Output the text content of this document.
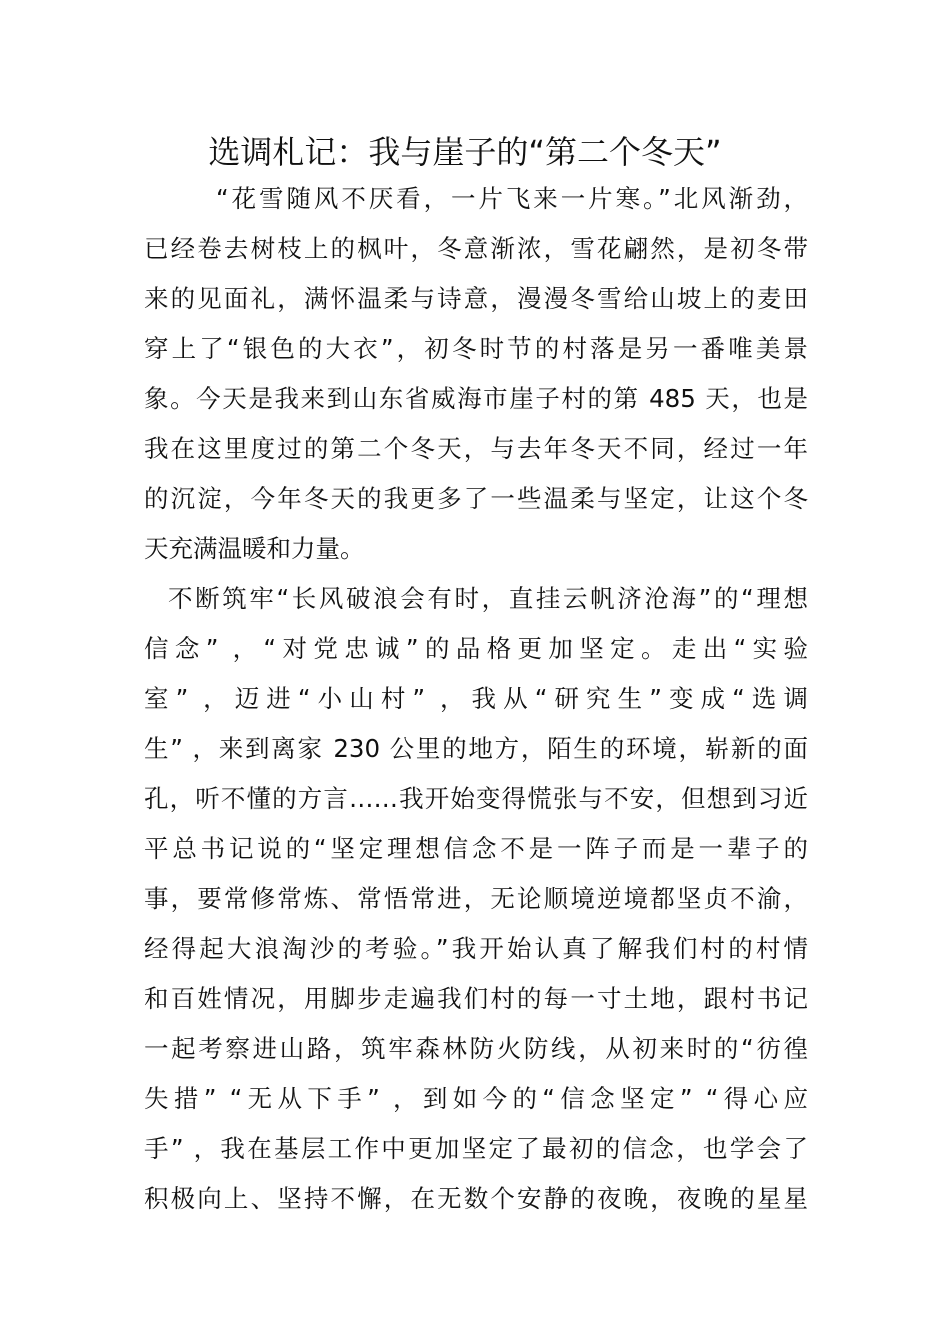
选调札记：我与崖子的“第二个冬天”
“花雪随风不厌看，一片飞来一片寒。”北风渐劲，
已经卷去树枝上的枫叶，冬意渐浓，雪花翩然，是初冬带
来的见面礼，满怀温柔与诗意，漫漫冬雪给山坡上的麦田
穿上了“银色的大衣”，初冬时节的村落是另一番唯美景
象。今天是我来到山东省威海市崖子村的第 485 天，也是
我在这里度过的第二个冬天，与去年冬天不同，经过一年
的沉淀，今年冬天的我更多了一些温柔与坚定，让这个冬
天充满温暖和力量。
不断筑牢“长风破浪会有时，直挂云帆济沧海”的“理想
信念” ，“对党忠诚”的品格更加坚定。走出“实验
室” ，迈进“小山村” ，我从“研究生”变成“选调
生” ，来到离家 230 公里的地方，陌生的环境，崭新的面
孔，听不懂的方言……我开始变得慌张与不安，但想到习近
平总书记说的“坚定理想信念不是一阵子而是一辈子的
事，要常修常炼、常悟常进，无论顺境逆境都坚贞不渝，
经得起大浪淘沙的考验。”我开始认真了解我们村的村情
和百姓情况，用脚步走遍我们村的每一寸土地，跟村书记
一起考察进山路，筑牢森林防火防线，从初来时的“彷徨
失措” “无从下手” ，到如今的“信念坚定” “得心应
手” ，我在基层工作中更加坚定了最初的信念，也学会了
积极向上、坚持不懈，在无数个安静的夜晚，夜晚的星星
